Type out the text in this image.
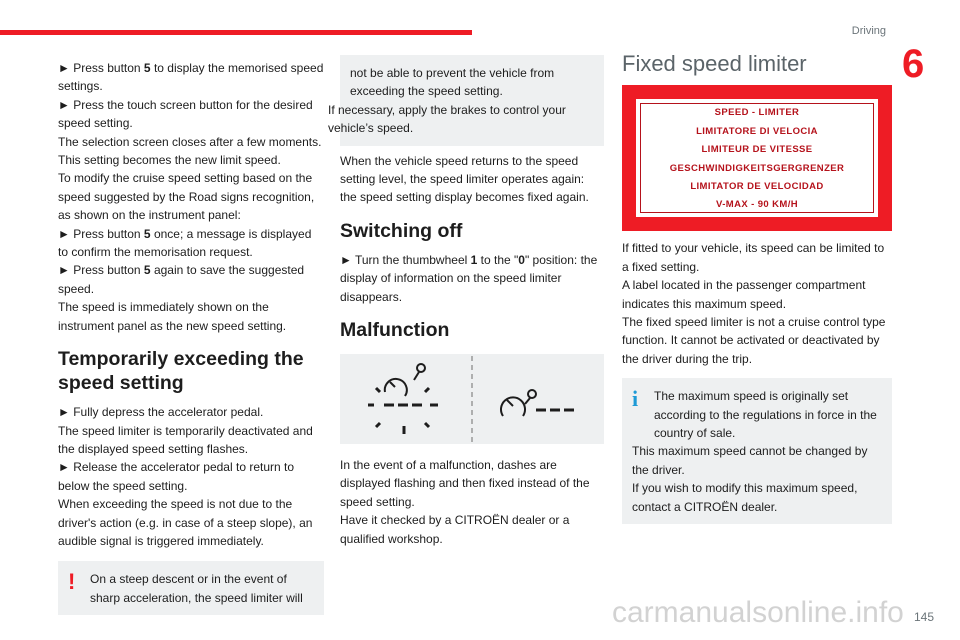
Driving
6

► Press button 5 to display the memorised speed settings.

► Press the touch screen button for the desired speed setting.

The selection screen closes after a few moments.

This setting becomes the new limit speed.

To modify the cruise speed setting based on the speed suggested by the Road signs recognition, as shown on the instrument panel:

► Press button 5 once; a message is displayed to confirm the memorisation request.

► Press button 5 again to save the suggested speed.

The speed is immediately shown on the instrument panel as the new speed setting.

Temporarily exceeding the speed setting

► Fully depress the accelerator pedal.

The speed limiter is temporarily deactivated and the displayed speed setting flashes.

► Release the accelerator pedal to return to below the speed setting.

When exceeding the speed is not due to the driver's action (e.g. in case of a steep slope), an audible signal is triggered immediately.

! On a steep descent or in the event of sharp acceleration, the speed limiter will

not be able to prevent the vehicle from exceeding the speed setting.

If necessary, apply the brakes to control your vehicle’s speed.

When the vehicle speed returns to the speed setting level, the speed limiter operates again: the speed setting display becomes fixed again.

Switching off

► Turn the thumbwheel 1 to the "0" position: the display of information on the speed limiter disappears.

Malfunction

In the event of a malfunction, dashes are displayed flashing and then fixed instead of the speed setting.

Have it checked by a CITROËN dealer or a qualified workshop.

Fixed speed limiter
SPEED - LIMITER
LIMITATORE DI VELOCIA
LIMITEUR DE VITESSE
GESCHWINDIGKEITSGERGRENZER
LIMITATOR DE VELOCIDAD
V-MAX - 90 KM/H

If fitted to your vehicle, its speed can be limited to a fixed setting.

A label located in the passenger compartment indicates this maximum speed.

The fixed speed limiter is not a cruise control type function. It cannot be activated or deactivated by the driver during the trip.

i The maximum speed is originally set according to the regulations in force in the country of sale.

This maximum speed cannot be changed by the driver.

If you wish to modify this maximum speed, contact a CITROËN dealer.

carmanualsonline.info 145
